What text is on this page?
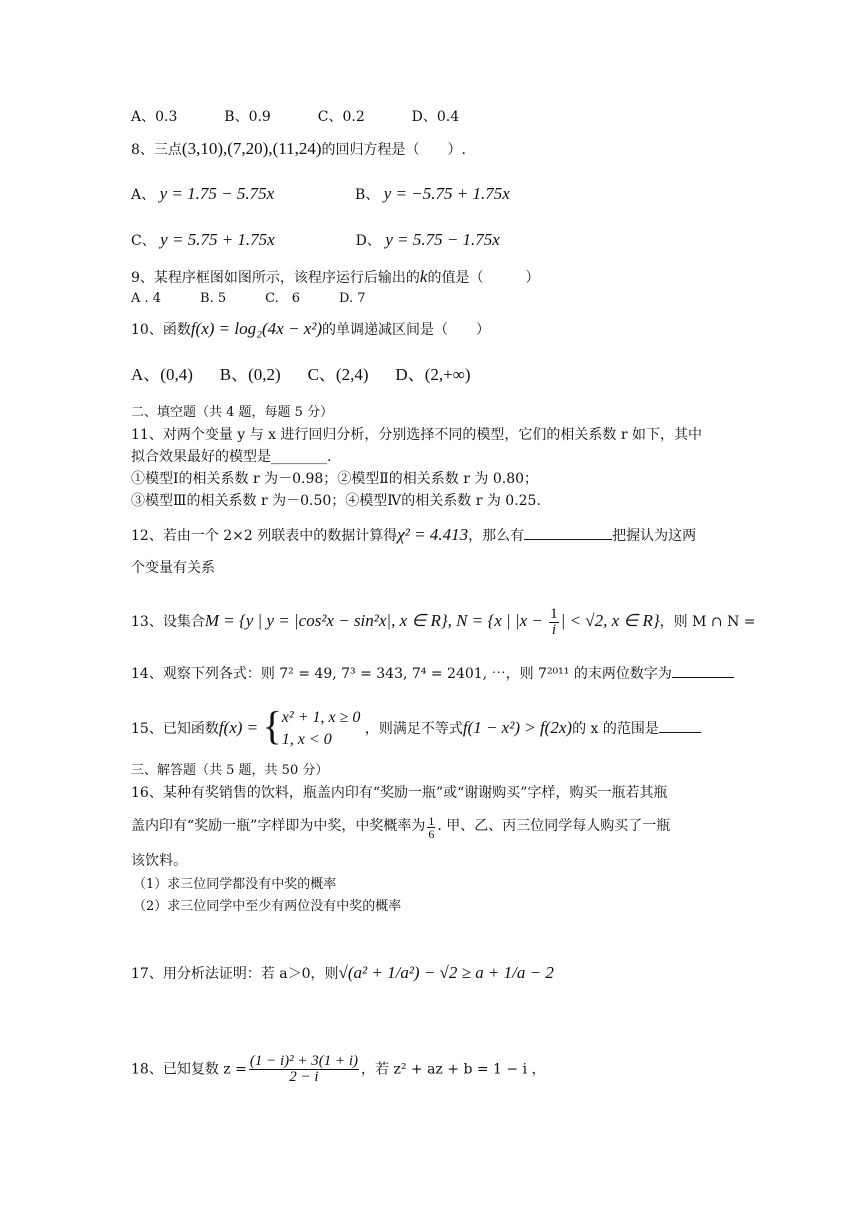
A、0.3	B、0.9	C、0.2	D、0.4
8、三点(3,10),(7,20),(11,24)的回归方程是（　　）.
A、 y = 1.75 − 5.75x	B、 y = −5.75 + 1.75x
C、 y = 5.75 + 1.75x	D、 y = 5.75 − 1.75x
9、某程序框图如图所示，该程序运行后输出的k的值是（　　　）
A . 4　　　B. 5　　　C.　6　　　D. 7
10、函数f(x) = log₂(4x − x²)的单调递减区间是（　　）
A、(0,4) B、(0,2) C、(2,4) D、(2,+∞)
二、填空题（共 4 题，每题 5 分）
11、对两个变量 y 与 x 进行回归分析，分别选择不同的模型，它们的相关系数 r 如下，其中
拟合效果最好的模型是________.
①模型Ⅰ的相关系数 r 为－0.98；②模型Ⅱ的相关系数 r 为 0.80；
③模型Ⅲ的相关系数 r 为－0.50；④模型Ⅳ的相关系数 r 为 0.25.
12、若由一个 2×2 列联表中的数据计算得χ² = 4.413，那么有	把握认为这两
个变量有关系
13、设集合M = {y | y = |cos²x − sin²x|, x ∈ R}, N = {x | $|x - \frac{1}{i}$ | < √2, x ∈ R}，则 M ∩ N =
14、观察下列各式：则 7² = 49, 7³ = 343, 7⁴ = 2401, ⋯，则 7²⁰¹¹ 的末两位数字为
15、已知函数f(x) = { x² + 1, x ≥ 0
1, x < 0
，则满足不等式f(1 − x²) > f(2x)的 x 的范围是
三、解答题（共 5 题，共 50 分）
16、某种有奖销售的饮料，瓶盖内印有“奖励一瓶”或“谢谢购买”字样，购买一瓶若其瓶
盖内印有“奖励一瓶”字样即为中奖，中奖概率为 $\frac{1}{6}$ . 甲、乙、丙三位同学每人购买了一瓶
该饮料。
（1）求三位同学都没有中奖的概率
（2）求三位同学中至少有两位没有中奖的概率
17、用分析法证明：若 a＞0，则√(a² + 1/a²) − √2 ≥ a + 1/a − 2
18、已知复数 $z = \frac{\text{(1 − i)² + 3(1 + i)}}{2 - i}$ ，若 z² + az + b = 1 − i ，
